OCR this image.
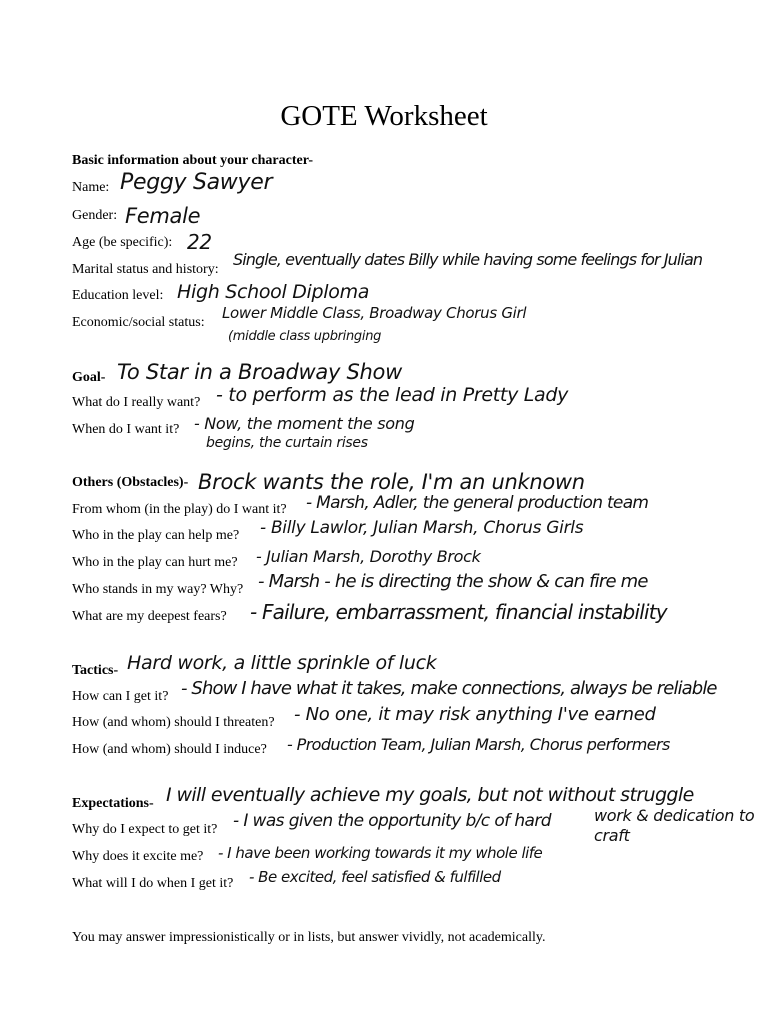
GOTE Worksheet
Basic information about your character-
Name: Peggy Sawyer
Gender: Female
Age (be specific): 22
Marital status and history:
Single, eventually dates Billy while having some feelings for Julian
Education level: High School Diploma
Economic/social status:
Lower Middle Class, Broadway Chorus Girl
(middle class upbringing
Goal- To Star in a Broadway Show
What do I really want? - to perform as the lead in Pretty Lady
When do I want it? - Now, the moment the song
begins, the curtain rises
Others (Obstacles)- Brock wants the role, I'm an unknown
From whom (in the play) do I want it? - Marsh, Adler, the general production team
Who in the play can help me? - Billy Lawlor, Julian Marsh, Chorus Girls
Who in the play can hurt me? - Julian Marsh, Dorothy Brock
Who stands in my way? Why? - Marsh - he is directing the show & can fire me
What are my deepest fears? - Failure, embarrassment, financial instability
Tactics- Hard work, a little sprinkle of luck
How can I get it? - Show I have what it takes, make connections, always be reliable
How (and whom) should I threaten? - No one, it may risk anything I've earned
How (and whom) should I induce? - Production Team, Julian Marsh, Chorus performers
Expectations- I will eventually achieve my goals, but not without struggle
Why do I expect to get it? - I was given the opportunity b/c of hard	work & dedication to
craft
Why does it excite me? - I have been working towards it my whole life
What will I do when I get it? - Be excited, feel satisfied & fulfilled
You may answer impressionistically or in lists, but answer vividly, not academically.
